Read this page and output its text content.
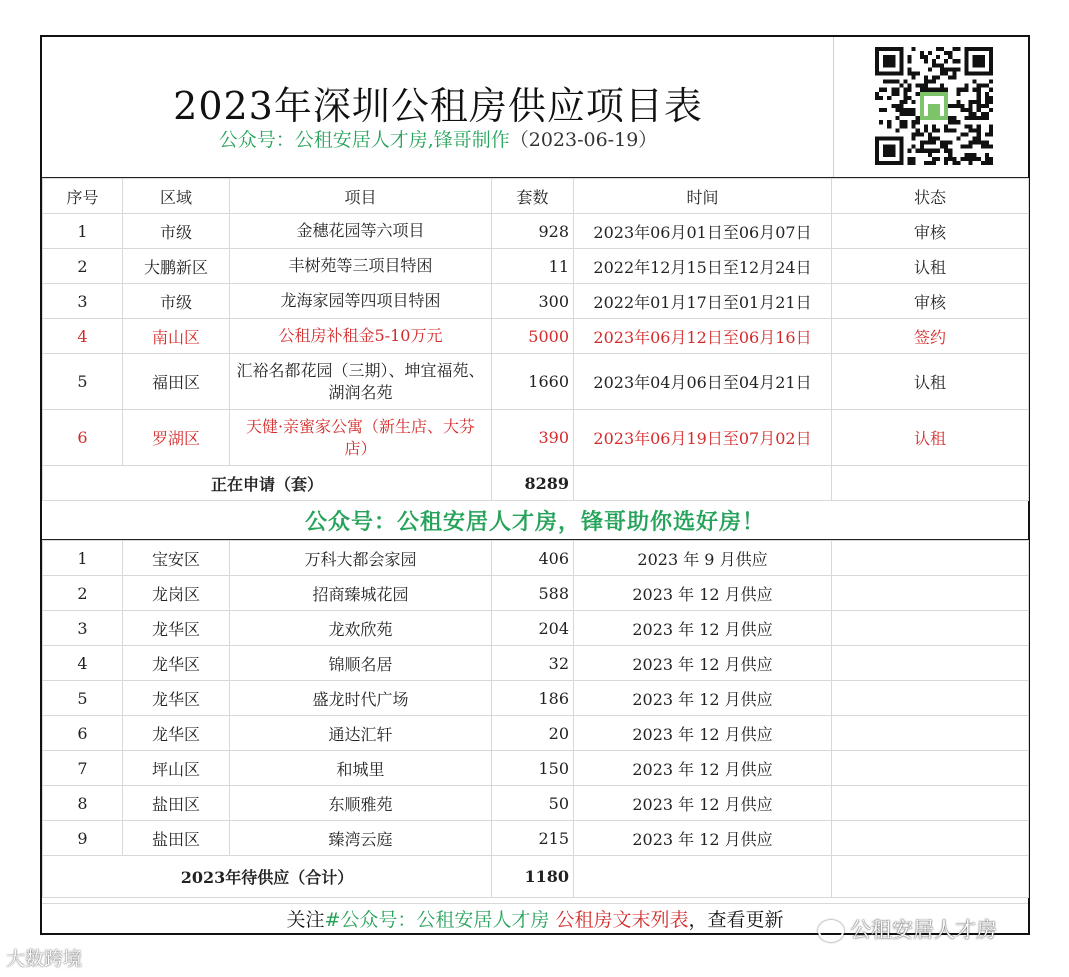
2023年深圳公租房供应项目表
公众号：公租安居人才房,锋哥制作（2023-06-19）
序号	区域	项目	套数	时间	状态
1	市级	金穗花园等六项目	928	2023年06月01日至06月07日	审核
2	大鹏新区	丰树苑等三项目特困	11	2022年12月15日至12月24日	认租
3	市级	龙海家园等四项目特困	300	2022年01月17日至01月21日	审核
4	南山区	公租房补租金5-10万元	5000	2023年06月12日至06月16日	签约
5	福田区	汇裕名都花园（三期）、坤宜福苑、湖润名苑	1660	2023年04月06日至04月21日	认租
6	罗湖区	天健·亲蜜家公寓（新生店、大芬店）	390	2023年06月19日至07月02日	认租
正在申请（套）			8289		
公众号：公租安居人才房，锋哥助你选好房！
1	宝安区	万科大都会家园	406	2023 年 9 月供应	
2	龙岗区	招商臻城花园	588	2023 年 12 月供应	
3	龙华区	龙欢欣苑	204	2023 年 12 月供应	
4	龙华区	锦顺名居	32	2023 年 12 月供应	
5	龙华区	盛龙时代广场	186	2023 年 12 月供应	
6	龙华区	通达汇轩	20	2023 年 12 月供应	
7	坪山区	和城里	150	2023 年 12 月供应	
8	盐田区	东顺雅苑	50	2023 年 12 月供应	
9	盐田区	臻湾云庭	215	2023 年 12 月供应	
2023年待供应（合计）			1180		
关注#公众号：公租安居人才房 公租房文末列表，查看更新	公租安居人才房
大数跨境
